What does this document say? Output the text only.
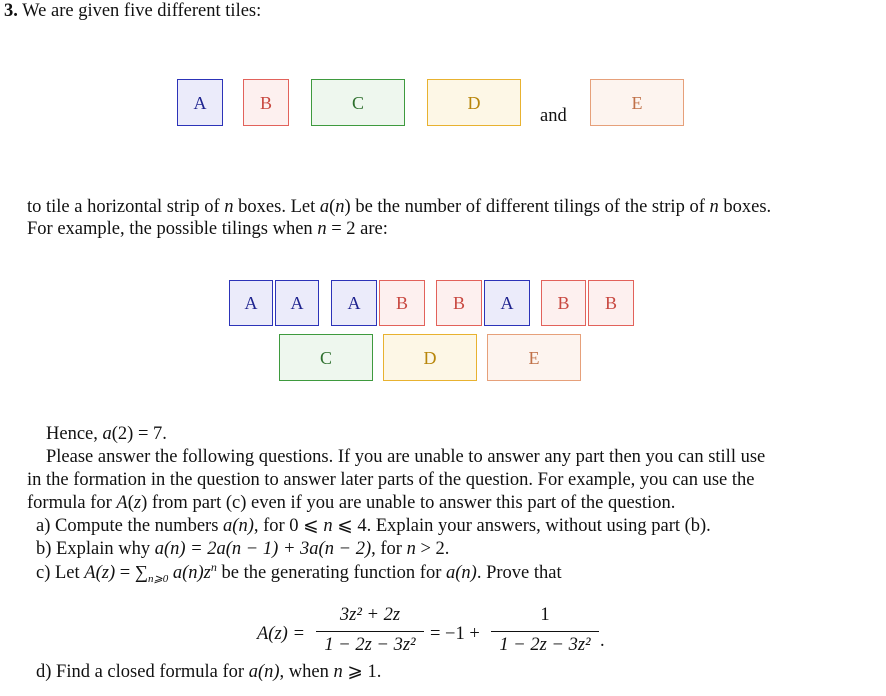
3. We are given five different tiles:
A	B	C	D
and
E
to tile a horizontal strip of n boxes. Let a(n) be the number of different tilings of the strip of n boxes.
For example, the possible tilings when n = 2 are:
A A A B B A B B
C	D	E
Hence, a(2) = 7.
Please answer the following questions. If you are unable to answer any part then you can still use
in the formation in the question to answer later parts of the question. For example, you can use the
formula for A(z) from part (c) even if you are unable to answer this part of the question.
a) Compute the numbers a(n), for 0 ⩽ n ⩽ 4. Explain your answers, without using part (b).
b) Explain why a(n) = 2a(n − 1) + 3a(n − 2), for n > 2.
c) Let $A(z) = \sum_{n⩾0}$ $a(n)z^n$ be the generating function for a(n). Prove that
A(z) =
3z² + 2z
1 − 2z − 3z²
= −1 +
1
1 − 2z − 3z² .
d) Find a closed formula for a(n), when n ⩾ 1.
